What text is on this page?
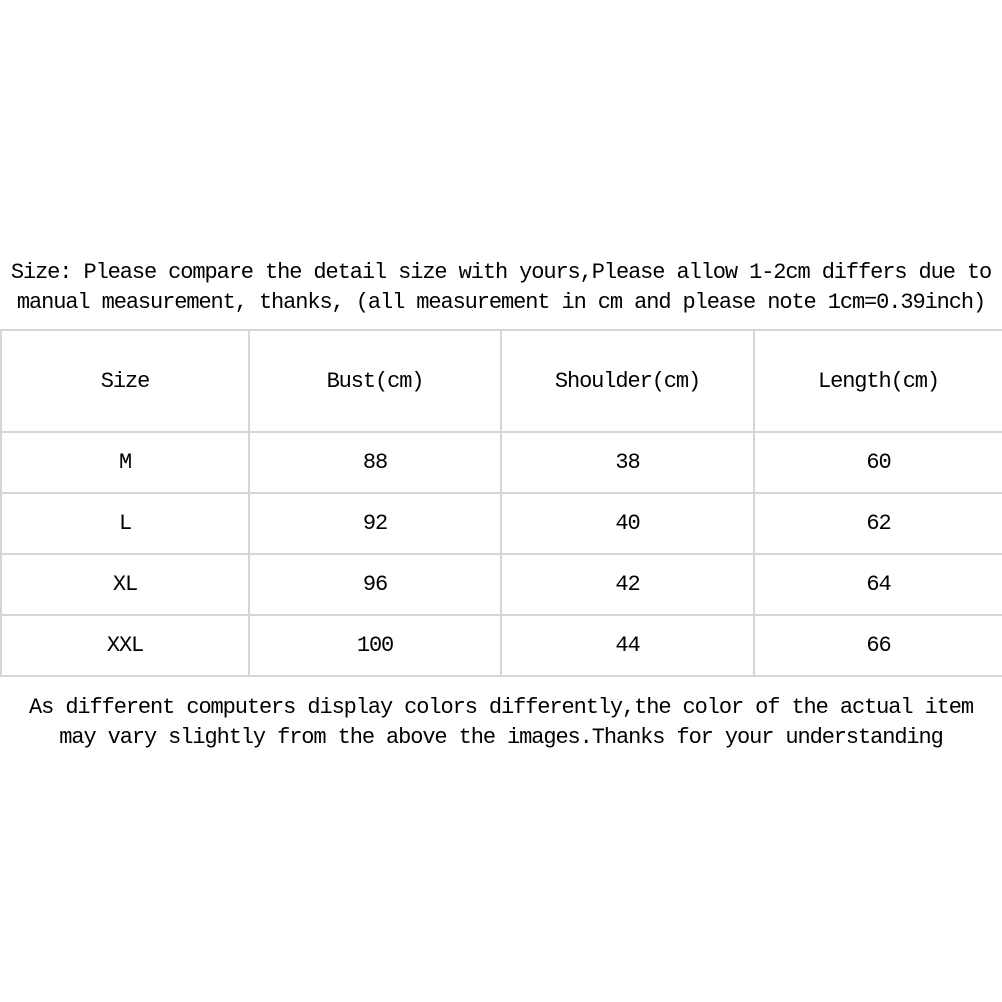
Size: Please compare the detail size with yours,Please allow 1-2cm differs due to
manual measurement, thanks, (all measurement in cm and please note 1cm=0.39inch)
Size	Bust(cm)	Shoulder(cm)	Length(cm)
M	88	38	60
L	92	40	62
XL	96	42	64
XXL	100	44	66
As different computers display colors differently,the color of the actual item
may vary slightly from the above the images.Thanks for your understanding
